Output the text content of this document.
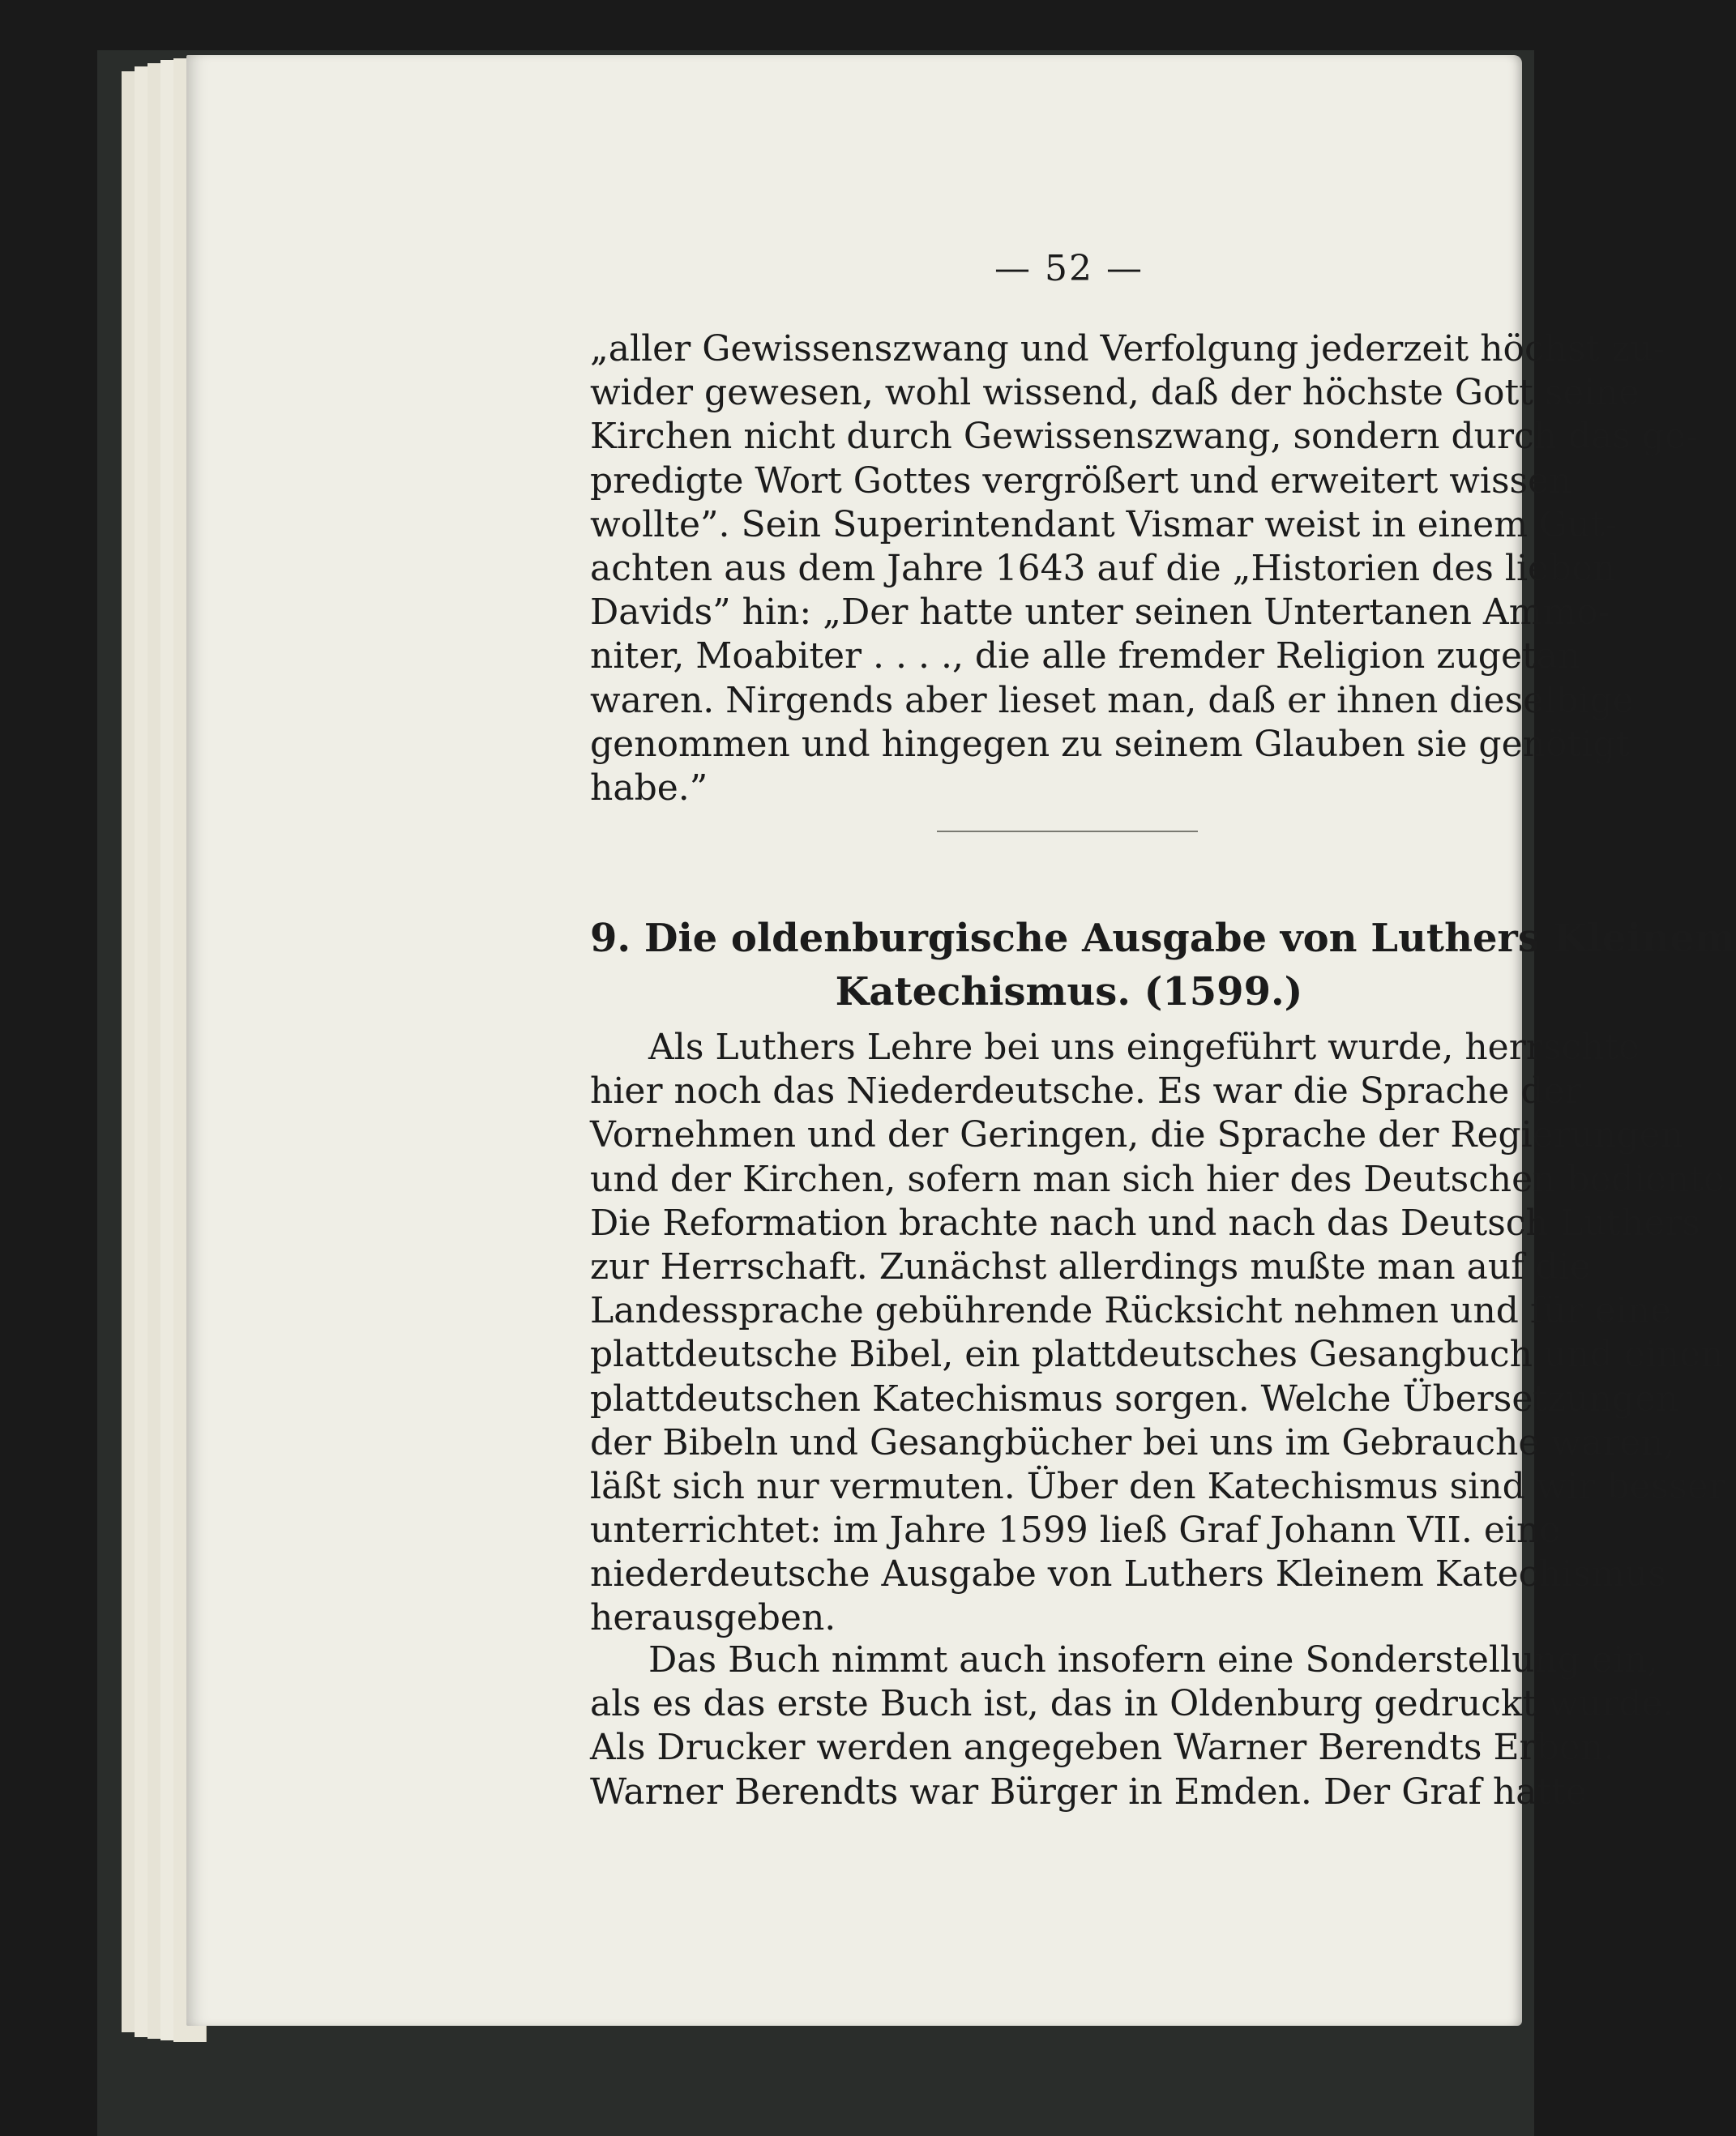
— 52 —

„aller Gewissenszwang und Verfolgung jederzeit höchst zu-
wider gewesen, wohl wissend, daß der höchste Gott seine
Kirchen nicht durch Gewissenszwang, sondern durch das ge-
predigte Wort Gottes vergrößert und erweitert wissen
wollte”. Sein Superintendant Vismar weist in einem Gut-
achten aus dem Jahre 1643 auf die „Historien des lieben
Davids” hin: „Der hatte unter seinen Untertanen Ammo-
niter, Moabiter . . . ., die alle fremder Religion zugetan
waren. Nirgends aber lieset man, daß er ihnen dieselbige
genommen und hingegen zu seinem Glauben sie genötigt
habe.”

9. Die oldenburgische Ausgabe von Luthers Kleinem
Katechismus. (1599.)

Als Luthers Lehre bei uns eingeführt wurde, herrschte
hier noch das Niederdeutsche. Es war die Sprache der
Vornehmen und der Geringen, die Sprache der Regierungen
und der Kirchen, sofern man sich hier des Deutschen bediente.
Die Reformation brachte nach und nach das Deutsch Luthers
zur Herrschaft. Zunächst allerdings mußte man auf die
Landessprache gebührende Rücksicht nehmen und für eine
plattdeutsche Bibel, ein plattdeutsches Gesangbuch und einen
plattdeutschen Katechismus sorgen. Welche Übersetzungen
der Bibeln und Gesangbücher bei uns im Gebrauche waren,
läßt sich nur vermuten. Über den Katechismus sind wir besser
unterrichtet: im Jahre 1599 ließ Graf Johann VII. eine
niederdeutsche Ausgabe von Luthers Kleinem Katechismus
herausgeben.

Das Buch nimmt auch insofern eine Sonderstellung ein,
als es das erste Buch ist, das in Oldenburg gedruckt wurde.
Als Drucker werden angegeben Warner Berendts Erben.
Warner Berendts war Bürger in Emden. Der Graf hatte
